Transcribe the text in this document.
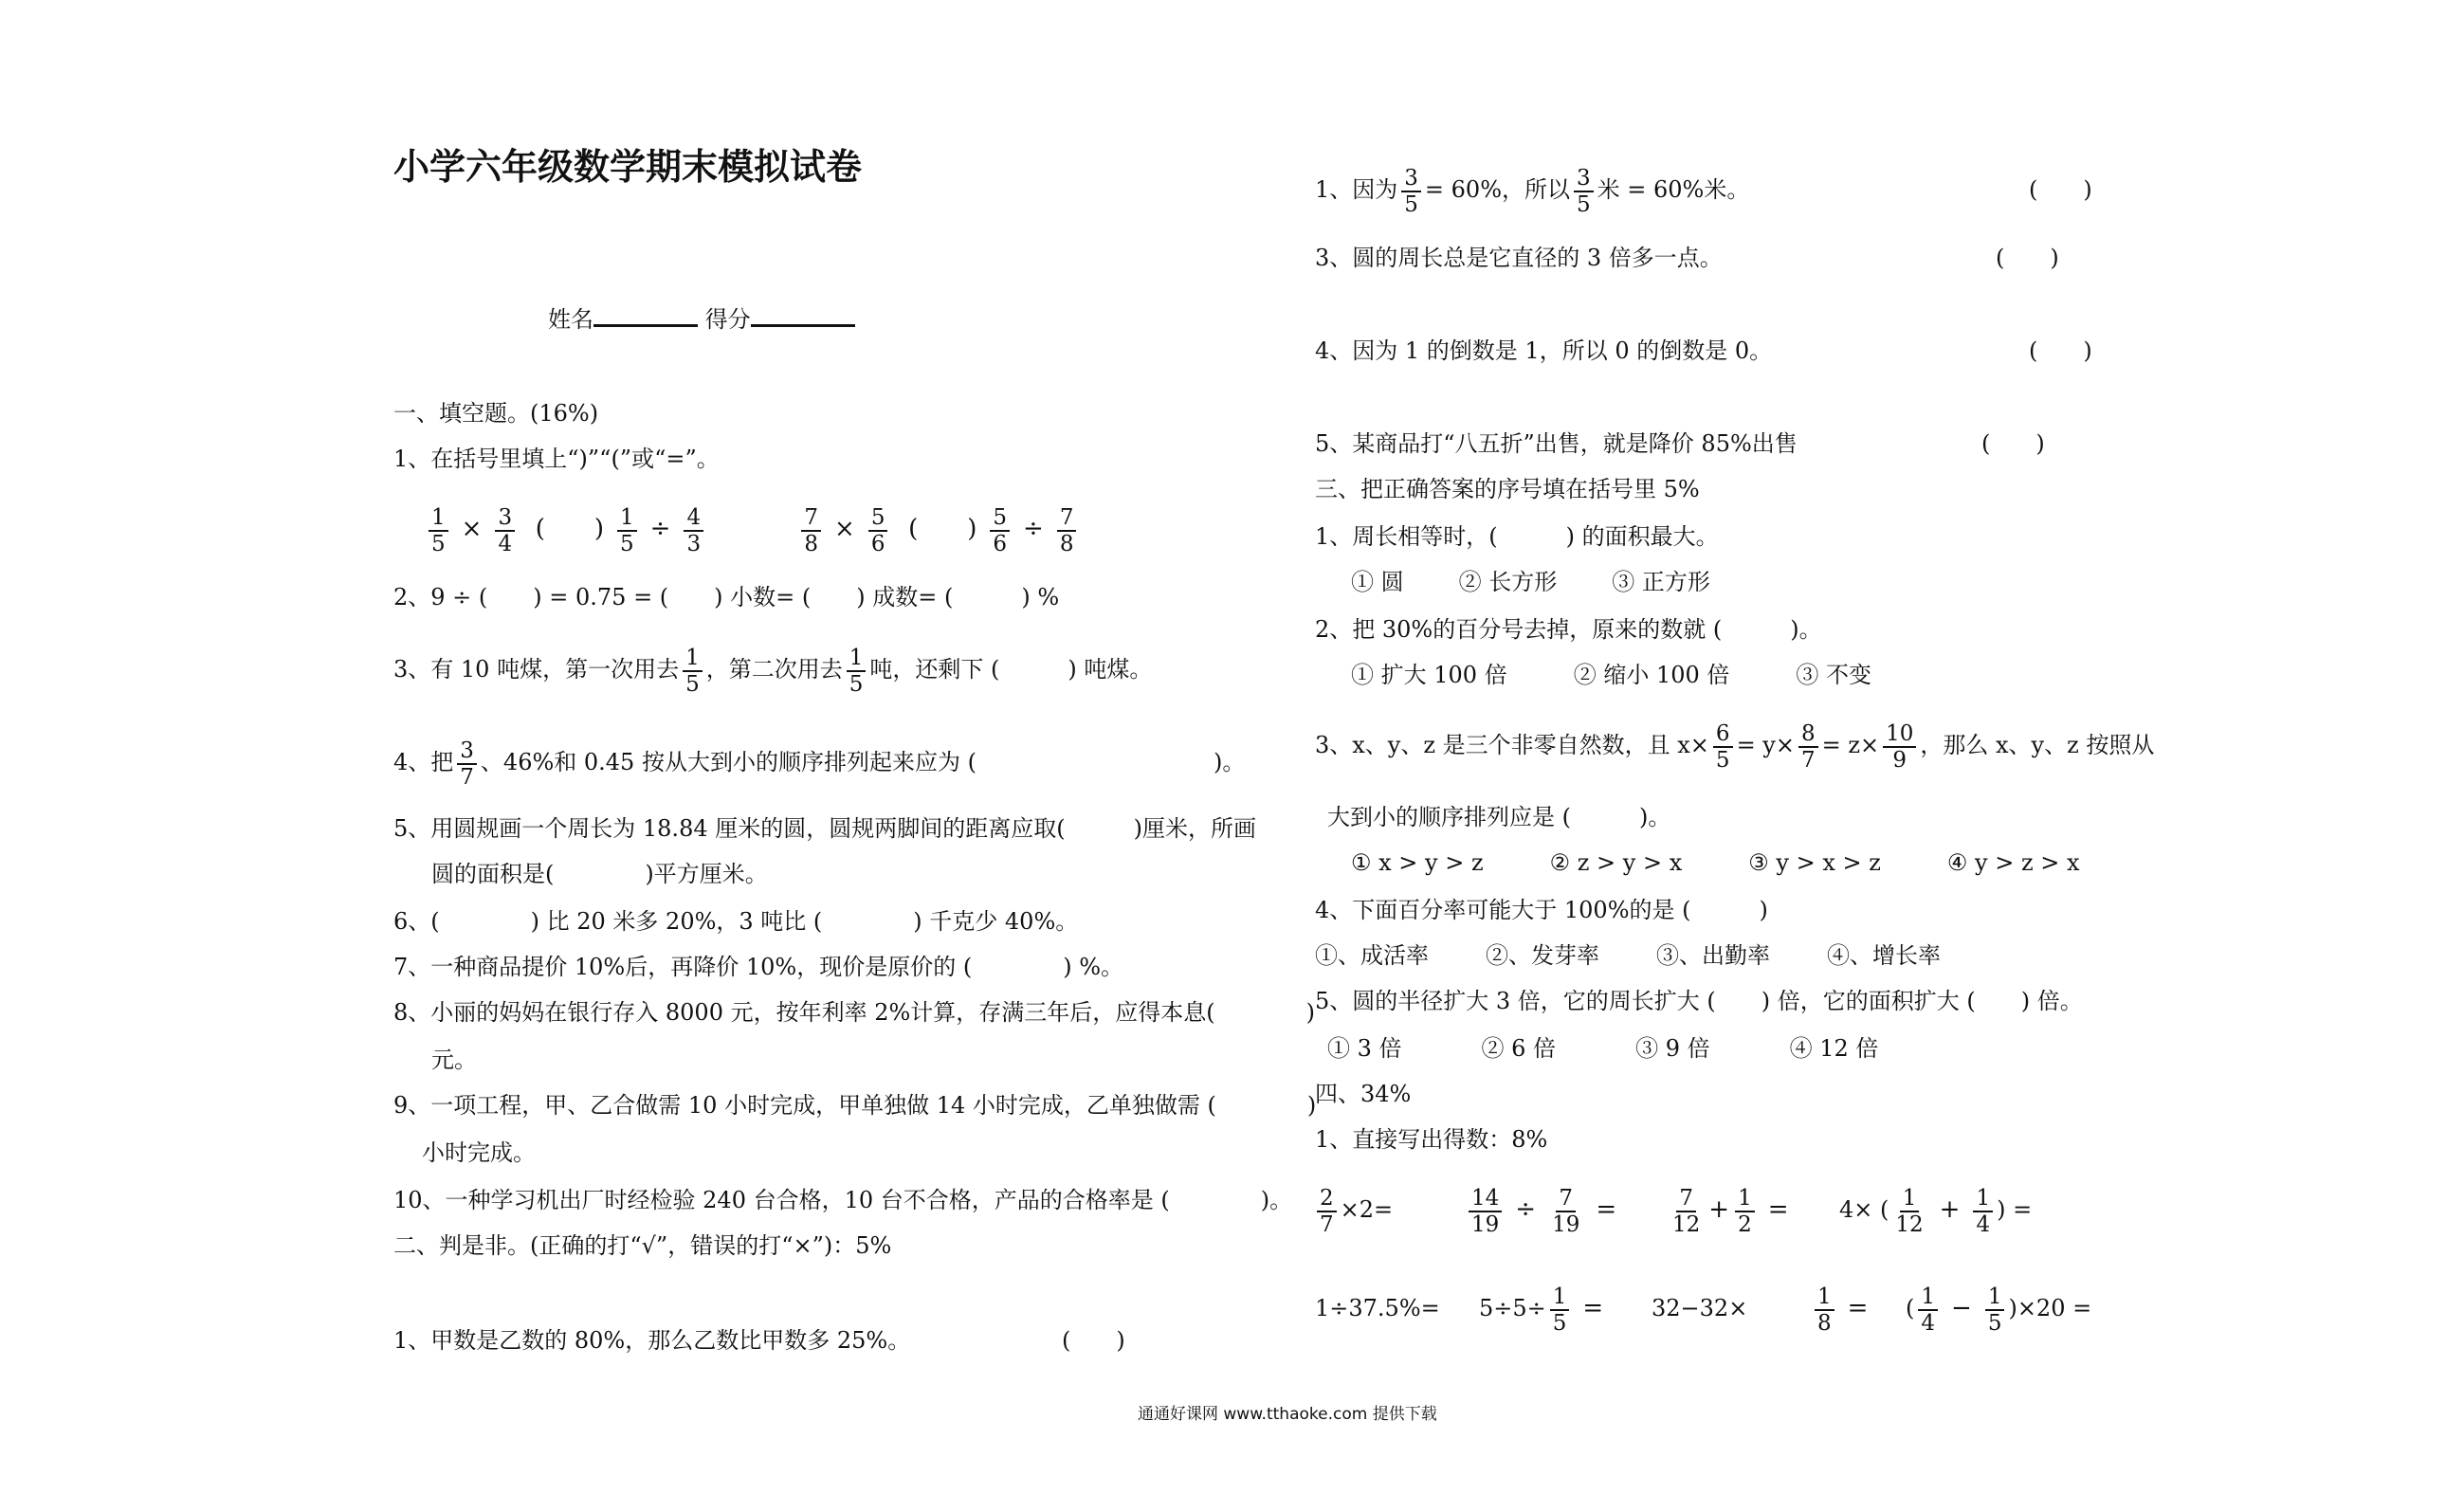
小学六年级数学期末模拟试卷
姓名	得分
一、填空题。(16%)
1、在括号里填上“)”“(”或“=”。
$\frac{1}{5} \times \frac{3}{4}$ (　　) $\frac{1}{5} \div \frac{4}{3}$
	$\frac{7}{8} \times \frac{5}{6}$ (　　) $\frac{5}{6} \div \frac{7}{8}$
2、9 ÷ (　　) = 0.75 = (　　) 小数= (　　) 成数= (　　　) %
3、有 10 吨煤，第一次用去 $\frac{1}{5}$ ，第二次用去 $\frac{1}{5}$ 吨，还剩下 (　　　) 吨煤。
4、把 $\frac{3}{7}$ 、46%和 0.45 按从大到小的顺序排列起来应为 (	)。
5、用圆规画一个周长为 18.84 厘米的圆，圆规两脚间的距离应取(　　　)厘米，所画
圆的面积是(　　　　)平方厘米。
6、(　　　　) 比 20 米多 20%，3 吨比 (　　　　) 千克少 40%。
7、一种商品提价 10%后，再降价 10%，现价是原价的 (　　　　) %。
8、小丽的妈妈在银行存入 8000 元，按年利率 2%计算，存满三年后，应得本息(　　　　)
元。
9、一项工程，甲、乙合做需 10 小时完成，甲单独做 14 小时完成，乙单独做需 (　　　　)
小时完成。
10、一种学习机出厂时经检验 240 台合格，10 台不合格，产品的合格率是 (　　　　)。
二、判是非。(正确的打“√”，错误的打“×”)：5%
1、甲数是乙数的 80%，那么乙数比甲数多 25%。	(　　)
1、因为 $\frac{3}{5} = 60\%$，所以 $\frac{3}{5}$ 米 = 60%米。	(　　)
3、圆的周长总是它直径的 3 倍多一点。	(　　)
4、因为 1 的倒数是 1，所以 0 的倒数是 0。	(　　)
5、某商品打“八五折”出售，就是降价 85%出售	(　　)
三、把正确答案的序号填在括号里 5%
1、周长相等时，(　　　) 的面积最大。
① 圆 ② 长方形 ③ 正方形
2、把 30%的百分号去掉，原来的数就 (　　　)。
① 扩大 100 倍	② 缩小 100 倍	③ 不变
3、x、y、z 是三个非零自然数，且 $x\times \frac{6}{5} = y\times \frac{8}{7} = z\times \frac{10}{9}$ ，那么 x、y、z 按照从
大到小的顺序排列应是 (　　　)。
① x > y > z	② z > y > x	③ y > x > z	④ y > z > x
4、下面百分率可能大于 100%的是 (　　　)
①、成活率	②、发芽率	③、出勤率	④、增长率
5、圆的半径扩大 3 倍，它的周长扩大 (　　) 倍，它的面积扩大 (　　) 倍。
① 3 倍	② 6 倍	③ 9 倍	④ 12 倍
四、34%
1、直接写出得数：8%
$\frac{2}{7} \times 2=$	$\frac{14}{19} \div \frac{7}{19}$ =	$\frac{7}{12} + \frac{1}{2}$ =	4× ( $\frac{1}{12} + \frac{1}{4}$ ) =
$1\div 37.5\%= 5\div 5\div \frac{1}{5}$ =	32−32×	$\frac{1}{8}$ =	( $\frac{1}{4} - \frac{1}{5} )\times 20$ =
通通好课网 www.tthaoke.com 提供下载
